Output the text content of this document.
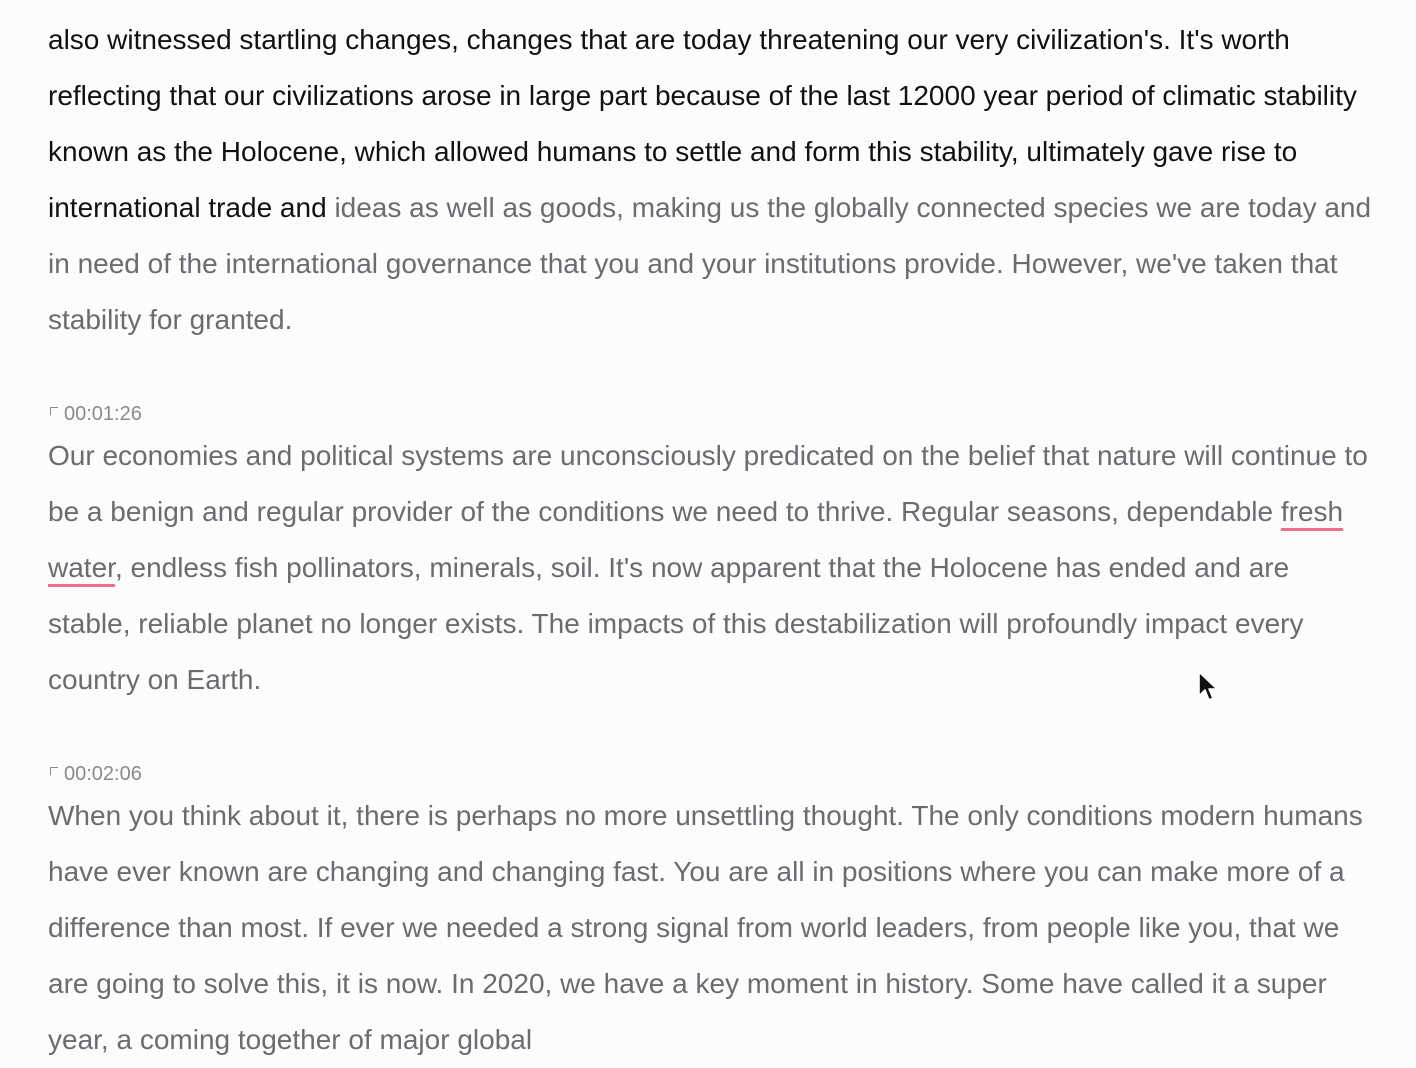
also witnessed startling changes, changes that are today threatening our very civilization's. It's worth reflecting that our civilizations arose in large part because of the last 12000 year period of climatic stability known as the Holocene, which allowed humans to settle and form this stability, ultimately gave rise to international trade and ideas as well as goods, making us the globally connected species we are today and in need of the international governance that you and your institutions provide. However, we've taken that stability for granted.

00:01:26

Our economies and political systems are unconsciously predicated on the belief that nature will continue to be a benign and regular provider of the conditions we need to thrive. Regular seasons, dependable fresh water, endless fish pollinators, minerals, soil. It's now apparent that the Holocene has ended and are stable, reliable planet no longer exists. The impacts of this destabilization will profoundly impact every country on Earth.

00:02:06

When you think about it, there is perhaps no more unsettling thought. The only conditions modern humans have ever known are changing and changing fast. You are all in positions where you can make more of a difference than most. If ever we needed a strong signal from world leaders, from people like you, that we are going to solve this, it is now. In 2020, we have a key moment in history. Some have called it a super year, a coming together of major global
